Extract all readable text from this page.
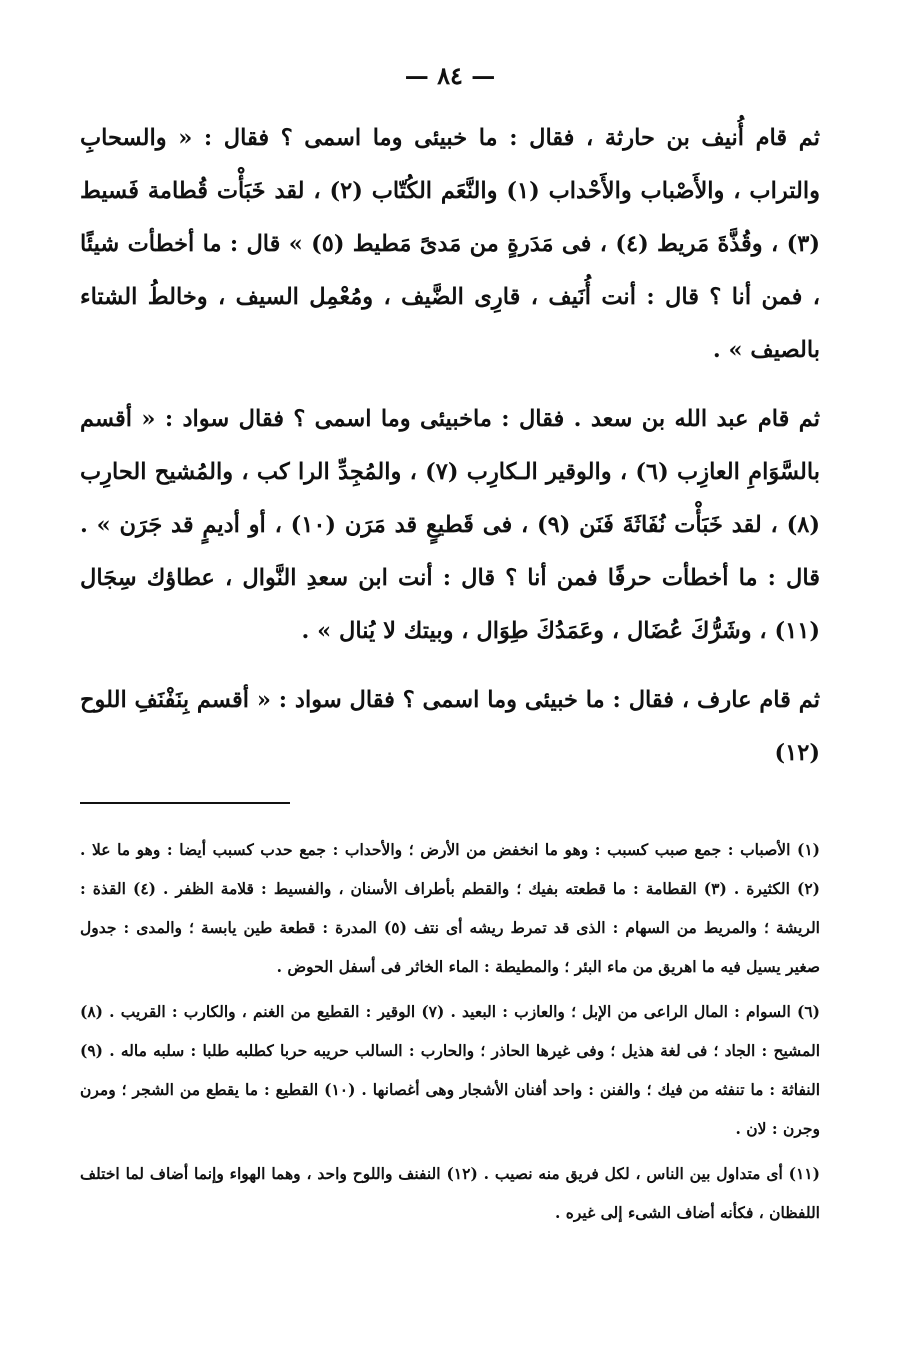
— ٨٤ —

ثم قام أُنيف بن حارثة ، فقال : ما خبيئى وما اسمى ؟ فقال : « والسحابِ والتراب ، والأَصْباب والأَحْداب (١) والنَّعَم الكُتّاب (٢) ، لقد خَبَأْت قُطامة فَسيط (٣) ، وقُذَّةَ مَريط (٤) ، فى مَدَرةٍ من مَدىً مَطيط (٥) » قال : ما أخطأت شيئًا ، فمن أنا ؟ قال : أنت أُنَيف ، قارِى الضَّيف ، ومُعْمِل السيف ، وخالطُ الشتاء بالصيف » .

ثم قام عبد الله بن سعد . فقال : ماخبيئى وما اسمى ؟ فقال سواد : « أقسم بالسَّوَامِ العازِب (٦) ، والوقير الـكارِب (٧) ، والمُجِدِّ الرا كب ، والمُشيح الحارِب (٨) ، لقد خَبَأْت نُفَاثَةَ فَنَن (٩) ، فى قَطيعٍ قد مَرَن (١٠) ، أو أديمٍ قد جَرَن » . قال : ما أخطأت حرفًا فمن أنا ؟ قال : أنت ابن سعدِ النَّوال ، عطاؤك سِجَال (١١) ، وشَرُّكَ عُضَال ، وعَمَدُكَ طِوَال ، وبيتك لا يُنال » .

ثم قام عارف ، فقال : ما خبيئى وما اسمى ؟ فقال سواد : « أقسم بِنَفْنَفِ اللوح (١٢)

(١) الأصباب : جمع صبب كسبب : وهو ما انخفض من الأرض ؛ والأحداب : جمع حدب كسبب أيضا : وهو ما علا . (٢) الكثيرة . (٣) القطامة : ما قطعته بفيك ؛ والقطم بأطراف الأسنان ، والفسيط : قلامة الظفر . (٤) القذة : الريشة ؛ والمريط من السهام : الذى قد تمرط ريشه أى نتف (٥) المدرة : قطعة طين يابسة ؛ والمدى : جدول صغير يسيل فيه ما اهريق من ماء البئر ؛ والمطيطة : الماء الخاثر فى أسفل الحوض .

(٦) السوام : المال الراعى من الإبل ؛ والعازب : البعيد . (٧) الوقير : القطيع من الغنم ، والكارب : القريب . (٨) المشيح : الجاد ؛ فى لغة هذيل ؛ وفى غيرها الحاذر ؛ والحارب : السالب حريبه حربا كطلبه طلبا : سلبه ماله . (٩) النفاثة : ما تنفثه من فيك ؛ والفنن : واحد أفنان الأشجار وهى أغصانها . (١٠) القطيع : ما يقطع من الشجر ؛ ومرن وجرن : لان .

(١١) أى متداول بين الناس ، لكل فريق منه نصيب . (١٢) النفنف واللوح واحد ، وهما الهواء وإنما أضاف لما اختلف اللفظان ، فكأنه أضاف الشىء إلى غيره .
